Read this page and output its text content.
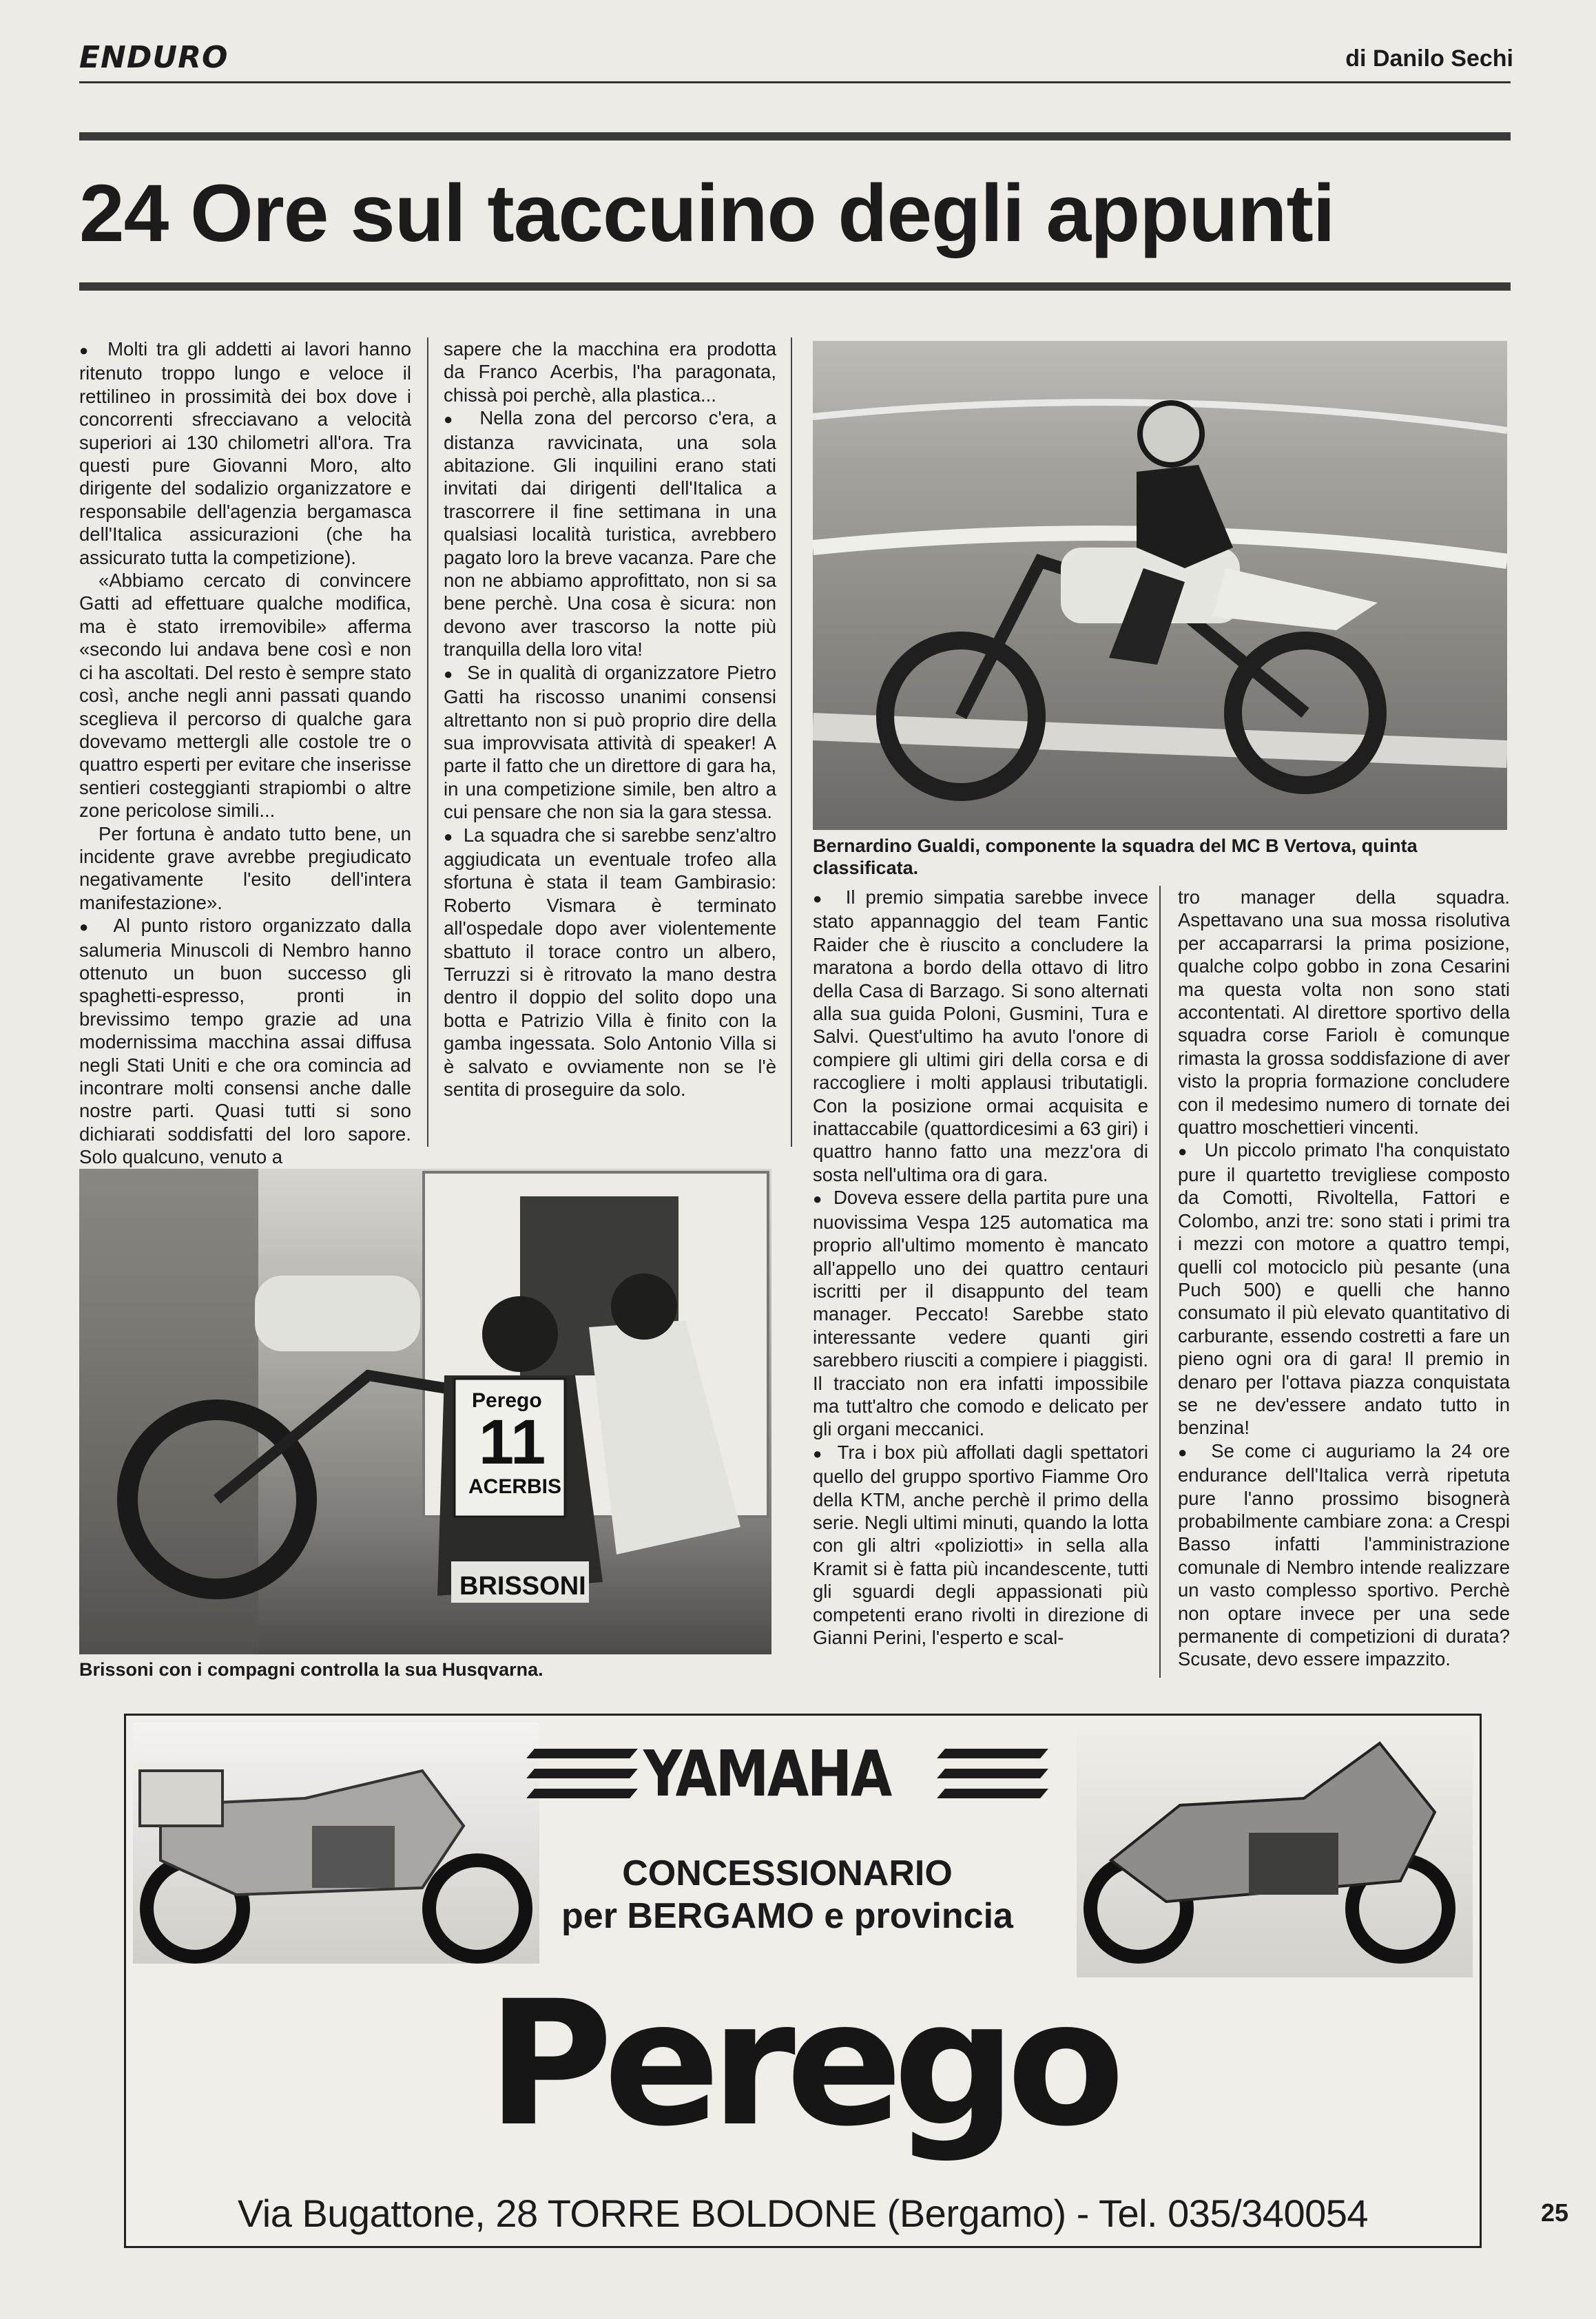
ENDURO	di Danilo Sechi
24 Ore sul taccuino degli appunti

●  Molti tra gli addetti ai lavori hanno ritenuto troppo lungo e veloce il rettilineo in prossimità dei box dove i concorrenti sfrecciavano a velocità superiori ai 130 chilometri all'ora. Tra questi pure Giovanni Moro, alto dirigente del sodalizio organizzatore e responsabile dell'agenzia bergamasca dell'Italica assicurazioni (che ha assicurato tutta la competizione).

«Abbiamo cercato di convincere Gatti ad effettuare qualche modifica, ma è stato irremovibile» afferma «secondo lui andava bene così e non ci ha ascoltati. Del resto è sempre stato così, anche negli anni passati quando sceglieva il percorso di qualche gara dovevamo mettergli alle costole tre o quattro esperti per evitare che inserisse sentieri costeggianti strapiombi o altre zone pericolose simili...

Per fortuna è andato tutto bene, un incidente grave avrebbe pregiudicato negativamente l'esito dell'intera manifestazione».

●  Al punto ristoro organizzato dalla salumeria Minuscoli di Nembro hanno ottenuto un buon successo gli spaghetti-espresso, pronti in brevissimo tempo grazie ad una modernissima macchina assai diffusa negli Stati Uniti e che ora comincia ad incontrare molti consensi anche dalle nostre parti. Quasi tutti si sono dichiarati soddisfatti del loro sapore. Solo qualcuno, venuto a

sapere che la macchina era prodotta da Franco Acerbis, l'ha paragonata, chissà poi perchè, alla plastica...

●  Nella zona del percorso c'era, a distanza ravvicinata, una sola abitazione. Gli inquilini erano stati invitati dai dirigenti dell'Italica a trascorrere il fine settimana in una qualsiasi località turistica, avrebbero pagato loro la breve vacanza. Pare che non ne abbiamo approfittato, non si sa bene perchè. Una cosa è sicura: non devono aver trascorso la notte più tranquilla della loro vita!

●  Se in qualità di organizzatore Pietro Gatti ha riscosso unanimi consensi altrettanto non si può proprio dire della sua improvvisata attività di speaker! A parte il fatto che un direttore di gara ha, in una competizione simile, ben altro a cui pensare che non sia la gara stessa.

●  La squadra che si sarebbe senz'altro aggiudicata un eventuale trofeo alla sfortuna è stata il team Gambirasio: Roberto Vismara è terminato all'ospedale dopo aver violentemente sbattuto il torace contro un albero, Terruzzi si è ritrovato la mano destra dentro il doppio del solito dopo una botta e Patrizio Villa è finito con la gamba ingessata. Solo Antonio Villa si è salvato e ovviamente non se l'è sentita di proseguire da solo.

Bernardino Gualdi, componente la squadra del MC B Vertova, quinta classificata.

●  Il premio simpatia sarebbe invece stato appannaggio del team Fantic Raider che è riuscito a concludere la maratona a bordo della ottavo di litro della Casa di Barzago. Si sono alternati alla sua guida Poloni, Gusmini, Tura e Salvi. Quest'ultimo ha avuto l'onore di compiere gli ultimi giri della corsa e di raccogliere i molti applausi tributatigli. Con la posizione ormai acquisita e inattaccabile (quattordicesimi a 63 giri) i quattro hanno fatto una mezz'ora di sosta nell'ultima ora di gara.

●  Doveva essere della partita pure una nuovissima Vespa 125 automatica ma proprio all'ultimo momento è mancato all'appello uno dei quattro centauri iscritti per il disappunto del team manager. Peccato! Sarebbe stato interessante vedere quanti giri sarebbero riusciti a compiere i piaggisti. Il tracciato non era infatti impossibile ma tutt'altro che comodo e delicato per gli organi meccanici.

●  Tra i box più affollati dagli spettatori quello del gruppo sportivo Fiamme Oro della KTM, anche perchè il primo della serie. Negli ultimi minuti, quando la lotta con gli altri «poliziotti» in sella alla Kramit si è fatta più incandescente, tutti gli sguardi degli appassionati più competenti erano rivolti in direzione di Gianni Perini, l'esperto e scal-

tro manager della squadra. Aspettavano una sua mossa risolutiva per accaparrarsi la prima posizione, qualche colpo gobbo in zona Cesarini ma questa volta non sono stati accontentati. Al direttore sportivo della squadra corse Fariolı è comunque rimasta la grossa soddisfazione di aver visto la propria formazione concludere con il medesimo numero di tornate dei quattro moschettieri vincenti.

●  Un piccolo primato l'ha conquistato pure il quartetto trevigliese composto da Comotti, Rivoltella, Fattori e Colombo, anzi tre: sono stati i primi tra i mezzi con motore a quattro tempi, quelli col motociclo più pesante (una Puch 500) e quelli che hanno consumato il più elevato quantitativo di carburante, essendo costretti a fare un pieno ogni ora di gara! Il premio in denaro per l'ottava piazza conquistata se ne dev'essere andato tutto in benzina!

●  Se come ci auguriamo la 24 ore endurance dell'Italica verrà ripetuta pure l'anno prossimo bisognerà probabilmente cambiare zona: a Crespi Basso infatti l'amministrazione comunale di Nembro intende realizzare un vasto complesso sportivo. Perchè non optare invece per una sede permanente di competizioni di durata? Scusate, devo essere impazzito.

Perego
11
ACERBIS
BRISSONI
Brissoni con i compagni controlla la sua Husqvarna.
YAMAHA
CONCESSIONARIO
per BERGAMO e provincia
Perego
Via Bugattone, 28 TORRE BOLDONE (Bergamo) - Tel. 035/340054	25
